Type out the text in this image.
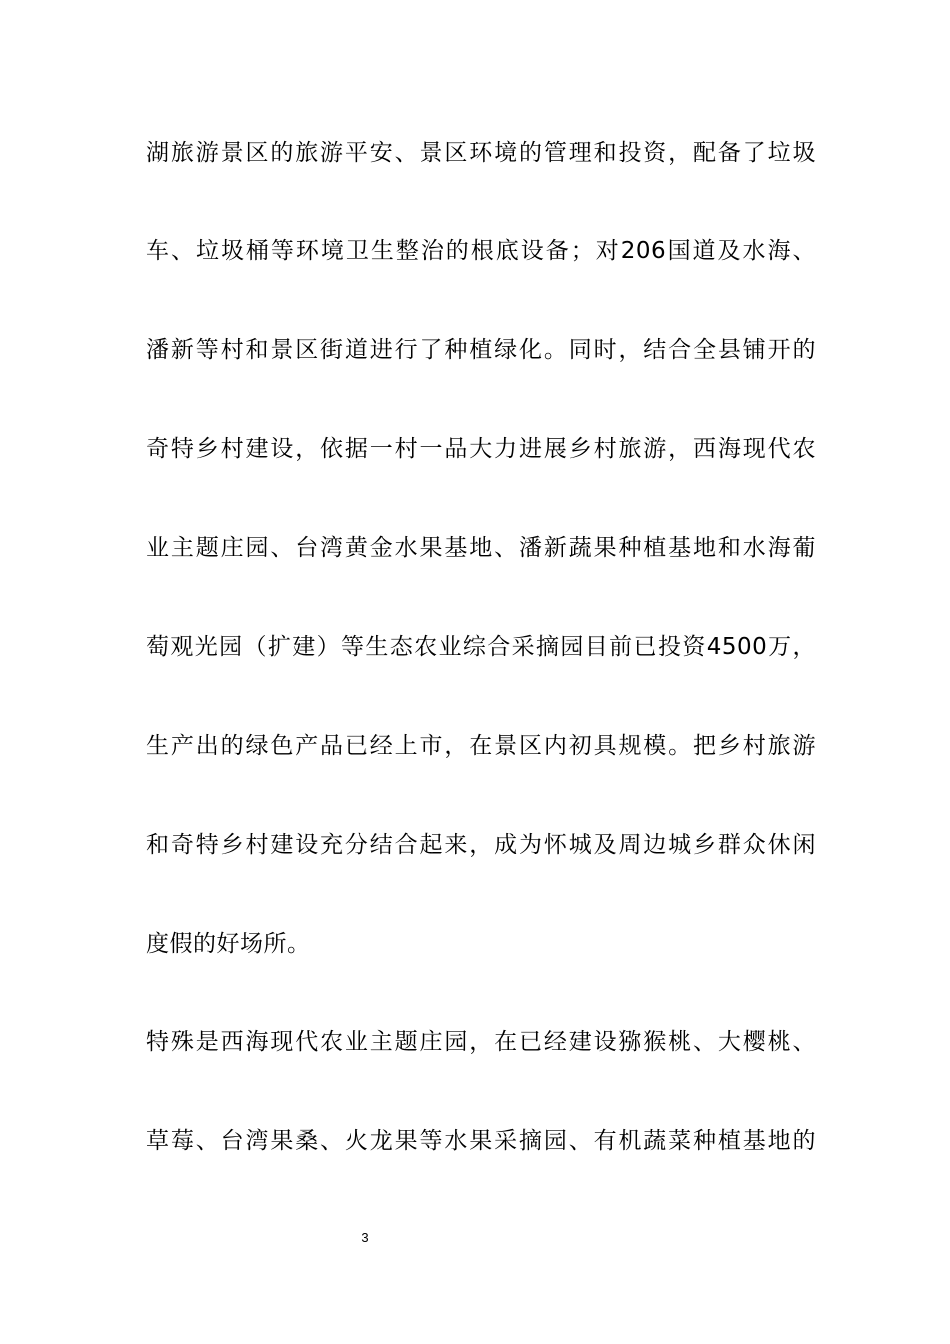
湖旅游景区的旅游平安、景区环境的管理和投资，配备了垃圾
车、垃圾桶等环境卫生整治的根底设备；对206国道及水海、
潘新等村和景区街道进行了种植绿化。同时，结合全县铺开的
奇特乡村建设，依据一村一品大力进展乡村旅游，西海现代农
业主题庄园、台湾黄金水果基地、潘新蔬果种植基地和水海葡
萄观光园（扩建）等生态农业综合采摘园目前已投资4500万，
生产出的绿色产品已经上市，在景区内初具规模。把乡村旅游
和奇特乡村建设充分结合起来，成为怀城及周边城乡群众休闲
度假的好场所。
特殊是西海现代农业主题庄园，在已经建设猕猴桃、大樱桃、
草莓、台湾果桑、火龙果等水果采摘园、有机蔬菜种植基地的
3
